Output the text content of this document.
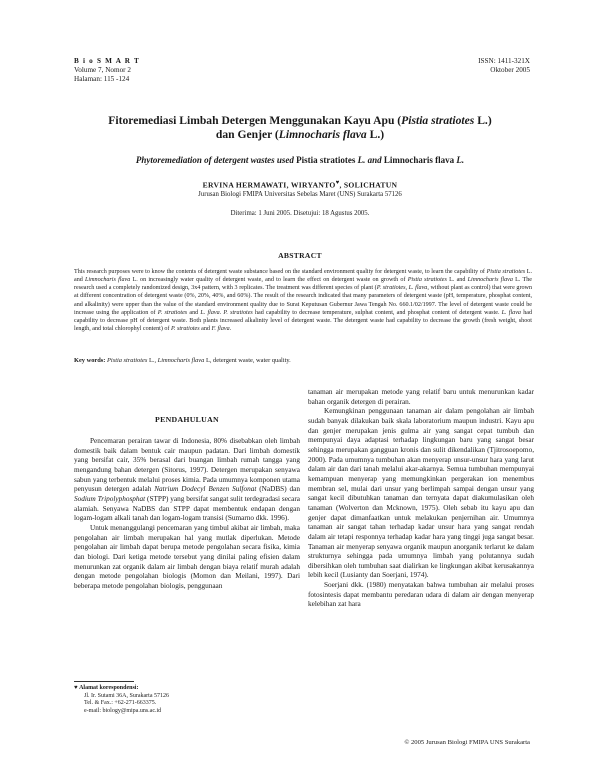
B i o S M A R T
Volume 7, Nomor 2
Halaman: 115 -124
ISSN: 1411-321X
Oktober 2005
Fitoremediasi Limbah Detergen Menggunakan Kayu Apu (Pistia stratiotes L.)
dan Genjer (Limnocharis flava L.)
Phytoremediation of detergent wastes used Pistia stratiotes L. and Limnocharis flava L.
ERVINA HERMAWATI, WIRYANTO♥, SOLICHATUN
Jurusan Biologi FMIPA Universitas Sebelas Maret (UNS) Surakarta 57126
Diterima: 1 Juni 2005. Disetujui: 18 Agustus 2005.
ABSTRACT
This research purposes were to know the contents of detergent waste substance based on the standard environment quality for detergent waste, to learn the capability of Pistia stratiotes L. and Limnocharis flava L. on increasingly water quality of detergent waste, and to learn the effect on detergent waste on growth of Pistia stratiotes L. and Limnocharis flava L. The research used a completely randomized design, 3x4 pattern, with 3 replicates. The treatment was different species of plant (P. stratiotes, L. flava, without plant as control) that were grown at different concentration of detergent waste (0%, 20%, 40%, and 60%). The result of the research indicated that many parameters of detergent waste (pH, temperature, phosphat content, and alkalinity) were upper than the value of the standard environment quality due to Surat Keputusan Gubernur Jawa Tengah No. 660.1/02/1997. The level of detergent waste could be increase using the application of P. stratiotes and L. flava. P. stratiotes had capability to decrease temperature, sulphat content, and phosphat content of detergent waste. L. flava had capability to decrease pH of detergent waste. Both plants increased alkalinity level of detergent waste. The detergent waste had capability to decrease the growth (fresh weight, shoot length, and total chlorophyl content) of P. stratiotes and F. flava.
Key words: Pistia stratiotes L., Limnocharis flava L, detergent waste, water quality.
PENDAHULUAN

Pencemaran perairan tawar di Indonesia, 80% disebabkan oleh limbah domestik baik dalam bentuk cair maupun padatan. Dari limbah domestik yang bersifat cair, 35% berasal dari buangan limbah rumah tangga yang mengandung bahan detergen (Sitorus, 1997). Detergen merupakan senyawa sabun yang terbentuk melalui proses kimia. Pada umumnya komponen utama penyusun detergen adalah Natrium Dodecyl Benzen Sulfonat (NaDBS) dan Sodium Tripolyphosphat (STPP) yang bersifat sangat sulit terdegradasi secara alamiah. Senyawa NaDBS dan STPP dapat membentuk endapan dengan logam-logam alkali tanah dan logam-logam transisi (Sumarno dkk. 1996).

Untuk menanggulangi pencemaran yang timbul akibat air limbah, maka pengolahan air limbah merupakan hal yang mutlak diperlukan. Metode pengolahan air limbah dapat berupa metode pengolahan secara fisika, kimia dan biologi. Dari ketiga metode tersebut yang dinilai paling efisien dalam menurunkan zat organik dalam air limbah dengan biaya relatif murah adalah dengan metode pengolahan biologis (Momon dan Meilani, 1997). Dari beberapa metode pengolahan biologis, penggunaan

tanaman air merupakan metode yang relatif baru untuk menurunkan kadar bahan organik detergen di perairan.

Kemungkinan penggunaan tanaman air dalam pengolahan air limbah sudah banyak dilakukan baik skala laboratorium maupun industri. Kayu apu dan genjer merupakan jenis gulma air yang sangat cepat tumbuh dan mempunyai daya adaptasi terhadap lingkungan baru yang sangat besar sehingga merupakan gangguan kronis dan sulit dikendalikan (Tjitrosoepomo, 2000). Pada umumnya tumbuhan akan menyerap unsur-unsur hara yang larut dalam air dan dari tanah melalui akar-akarnya. Semua tumbuhan mempunyai kemampuan menyerap yang memungkinkan pergerakan ion menembus membran sel, mulai dari unsur yang berlimpah sampai dengan unsur yang sangat kecil dibutuhkan tanaman dan ternyata dapat diakumulasikan oleh tanaman (Wolverton dan Mcknown, 1975). Oleh sebab itu kayu apu dan genjer dapat dimanfaatkan untuk melakukan penjernihan air. Umumnya tanaman air sangat tahan terhadap kadar unsur hara yang sangat rendah dalam air tetapi responnya terhadap kadar hara yang tinggi juga sangat besar. Tanaman air menyerap senyawa organik maupun anorganik terlarut ke dalam strukturnya sehingga pada umumnya limbah yang polutannya sudah dibersihkan oleh tumbuhan saat dialirkan ke lingkungan akibat kerusakannya lebih kecil (Lusianty dan Soerjani, 1974).

Soerjani dkk. (1980) menyatakan bahwa tumbuhan air melalui proses fotosintesis dapat membantu peredaran udara di dalam air dengan menyerap kelebihan zat hara

♥ Alamat korespondensi:
Jl. Ir. Sutami 36A, Surakarta 57126
Tel. & Fax.: +62-271-663375.
e-mail: biology@mipa.uns.ac.id
© 2005 Jurusan Biologi FMIPA UNS Surakarta
